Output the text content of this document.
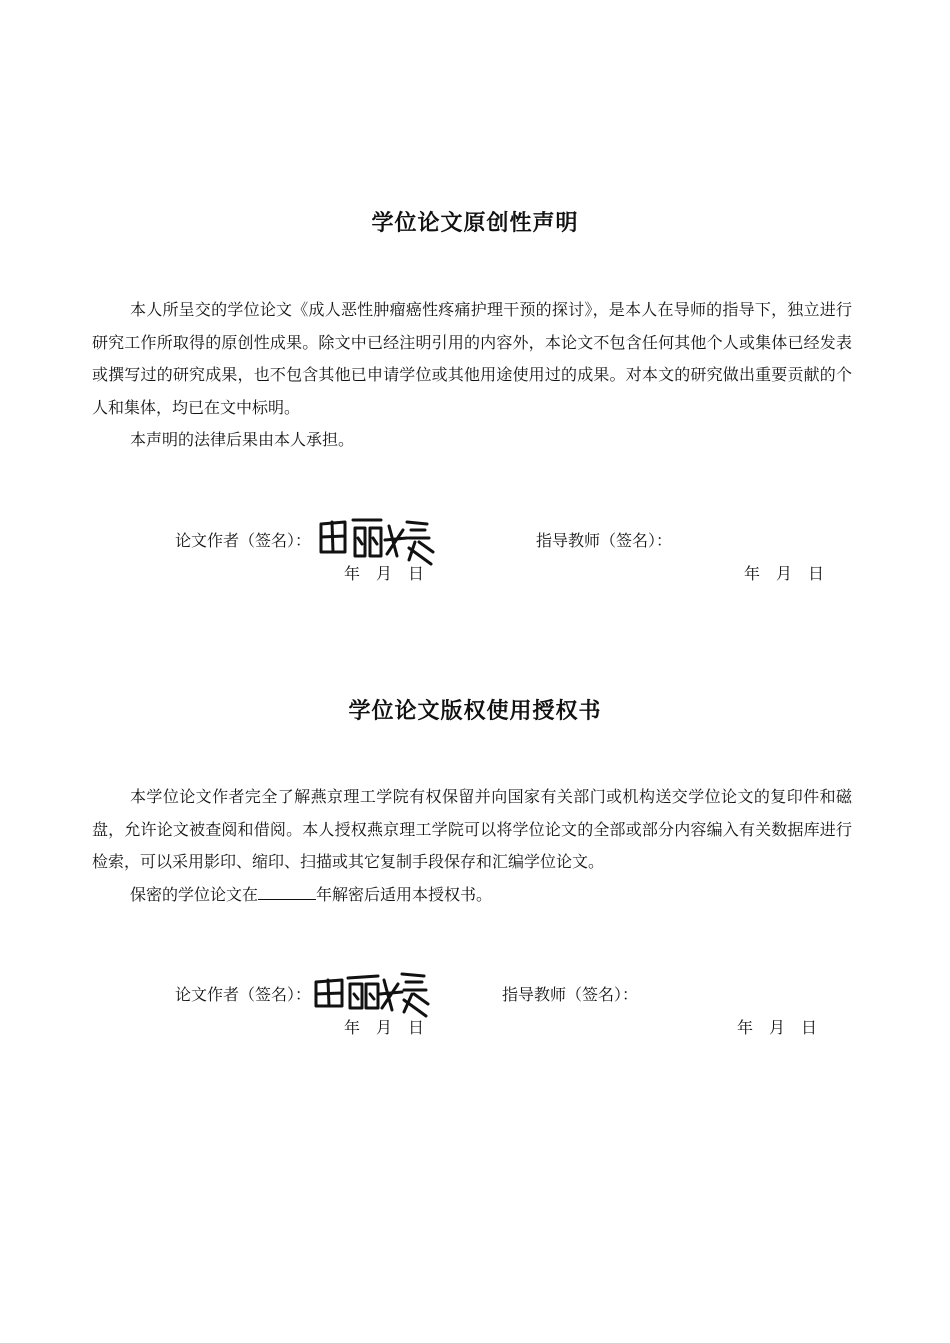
学位论文原创性声明

本人所呈交的学位论文《成人恶性肿瘤癌性疼痛护理干预的探讨》，是本人在导师的指导下，独立进行研究工作所取得的原创性成果。除文中已经注明引用的内容外，本论文不包含任何其他个人或集体已经发表或撰写过的研究成果，也不包含其他已申请学位或其他用途使用过的成果。对本文的研究做出重要贡献的个人和集体，均已在文中标明。

本声明的法律后果由本人承担。

论文作者（签名）：
年　月　日
指导教师（签名）：
年　月　日
学位论文版权使用授权书

本学位论文作者完全了解燕京理工学院有权保留并向国家有关部门或机构送交学位论文的复印件和磁盘，允许论文被查阅和借阅。本人授权燕京理工学院可以将学位论文的全部或部分内容编入有关数据库进行检索，可以采用影印、缩印、扫描或其它复制手段保存和汇编学位论文。

保密的学位论文在	年解密后适用本授权书。

论文作者（签名）：
年　月　日
指导教师（签名）：
年　月　日
